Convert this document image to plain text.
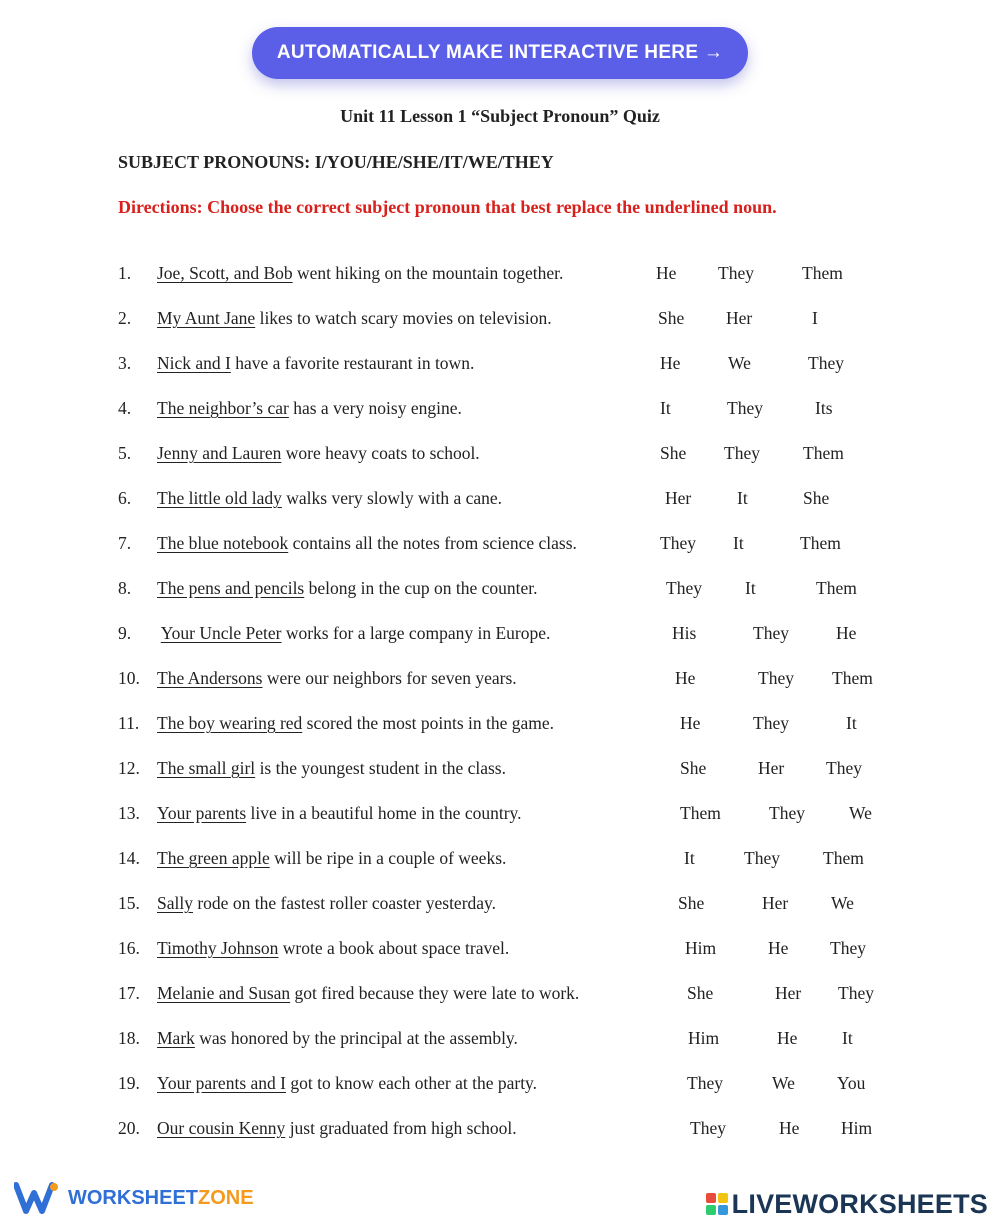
AUTOMATICALLY MAKE INTERACTIVE HERE →
Unit 11 Lesson 1 “Subject Pronoun” Quiz
SUBJECT PRONOUNS: I/YOU/HE/SHE/IT/WE/THEY
Directions: Choose the correct subject pronoun that best replace the underlined noun.
1. Joe, Scott, and Bob went hiking on the mountain together.	He They	Them
2. My Aunt Jane likes to watch scary movies on television.	She Her	I
3. Nick and I have a favorite restaurant in town.	He	We	They
4. The neighbor’s car has a very noisy engine.	It	They	Its
5. Jenny and Lauren wore heavy coats to school.	She They Them
6. The little old lady walks very slowly with a cane.	Her	It	She
7. The blue notebook contains all the notes from science class.	They It	Them
8. The pens and pencils belong in the cup on the counter.	They It	Them
9. Your Uncle Peter works for a large company in Europe.	His	They	He
10. The Andersons were our neighbors for seven years.	He	They Them
11. The boy wearing red scored the most points in the game.	He	They	It
12. The small girl is the youngest student in the class.	She	Her They
13. Your parents live in a beautiful home in the country.	Them	They	We
14. The green apple will be ripe in a couple of weeks.	It	They Them
15. Sally rode on the fastest roller coaster yesterday.	She	Her We
16. Timothy Johnson wrote a book about space travel.	Him	He They
17. Melanie and Susan got fired because they were late to work.	She	Her They
18. Mark was honored by the principal at the assembly.	Him	He	It
19. Your parents and I got to know each other at the party.	They	We You
20. Our cousin Kenny just graduated from high school.	They	He Him
WORKSHEETZONE	LIVEWORKSHEETS
